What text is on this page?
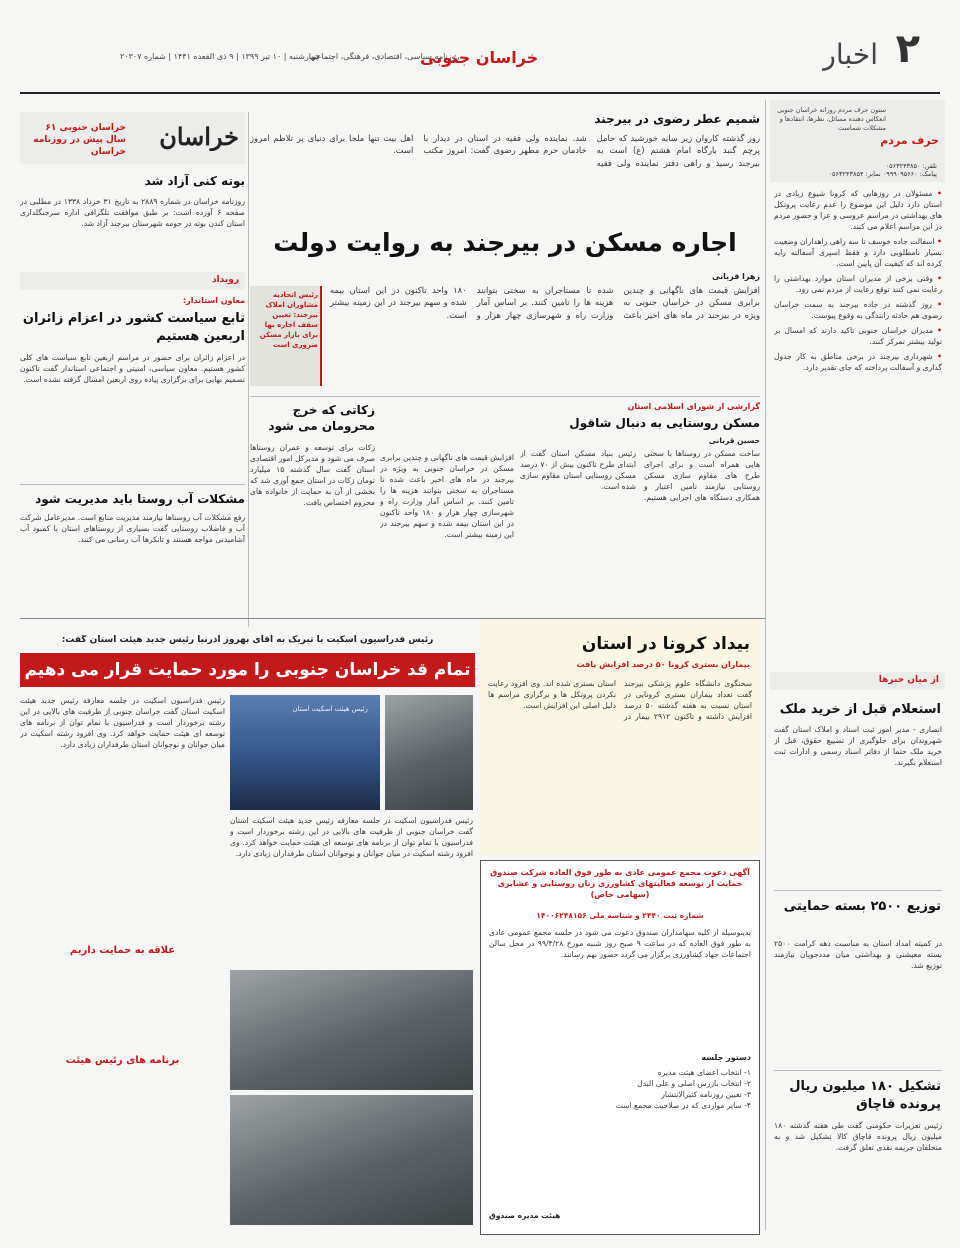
۲
اخبار
خراسان جنوبی
روزنامه سیاسی، اقتصادی، فرهنگی، اجتماعی
چهارشنبه | ۱۰ تیر ۱۳۹۹ | ۹ ذی القعده ۱۴۴۱ | شماره ۲۰۳۰۷
حرف مردم
ستون حرف مردم روزانه خراسان جنوبی انعکاس دهنده مسائل، نظرها، انتقادها و مشکلات شماست
تلفن: ۰۵۶۳۲۴۳۸۵۰
پیامک: ۰۹۹۹۰۹۵۶۶۰ نمابر: ۰۵۶۳۲۴۳۸۵۴

• مسئولان در روزهایی که کرونا شیوع زیادی در استان دارد دلیل این موضوع را عدم رعایت پروتکل های بهداشتی در مراسم عروسی و عزا و حضور مردم در این مراسم اعلام می کنند.

• اسفالت جاده خوسف تا سه راهی راهداران وضعیت بسیار نامطلوبی دارد و فقط اسپری آسفالته رایه کرده اند که کیفیت آن پایین است.

• وقتی برخی از مدیران استان موارد بهداشتی را رعایت نمی کنند توقع رعایت از مردم نمی رود.

• روز گذشته در جاده بیرجند به سمت خراسان رضوی هم حادثه رانندگی به وقوع پیوست.

• مدیران خراسان جنوبی تاکید دارند که امسال بر تولید بیشتر تمرکز کنند.

• شهرداری بیرجند در برخی مناطق به کار جدول گذاری و آسفالت پرداخته که جای تقدیر دارد.

از میان خبرها
استعلام قبل از خرید ملک
انصاری - مدیر امور ثبت اسناد و املاک استان گفت شهروندان برای جلوگیری از تضییع حقوق، قبل از خرید ملک حتما از دفاتر اسناد رسمی و ادارات ثبت استعلام بگیرند.
توزیع ۲۵۰۰ بسته حمایتی
در کمیته امداد استان به مناسبت دهه کرامت ۲۵۰۰ بسته معیشتی و بهداشتی میان مددجویان نیازمند توزیع شد.
تشکیل ۱۸۰ میلیون ریال پرونده قاچاق
رئیس تعزیرات حکومتی گفت طی هفته گذشته ۱۸۰ میلیون ریال پرونده قاچاق کالا تشکیل شد و به متخلفان جریمه نقدی تعلق گرفت.
شمیم عطر رضوی در بیرجند
روز گذشته کاروان زیر سایه خورشید که حامل پرچم گنبد بارگاه امام هشتم (ع) است به بیرجند رسید و راهی دفتر نماینده ولی فقیه شد. نماینده ولی فقیه در استان در دیدار با خادمان حرم مطهر رضوی گفت: امروز مکتب اهل بیت تنها ملجا برای دنیای پر تلاطم امروز است.
اجاره مسکن در بیرجند به روایت دولت
زهرا قربانی
افزایش قیمت های ناگهانی و چندین برابری مسکن در خراسان جنوبی به ویژه در بیرجند در ماه های اخیر باعث شده تا مستاجران به سختی بتوانند هزینه ها را تامین کنند. بر اساس آمار وزارت راه و شهرسازی چهار هزار و ۱۸۰ واحد تاکنون در این استان بیمه شده و سهم بیرجند در این زمینه بیشتر است.
رئیس اتحادیه مشاوران املاک بیرجند: تعیین سقف اجاره بها برای بازار مسکن ضروری است
گزارشی از شورای اسلامی استان
مسکن روستایی به دنبال شاقول
حسین قربانی
ساخت مسکن در روستاها با سختی هایی همراه است و برای اجرای طرح های مقاوم سازی مسکن روستایی نیازمند تامین اعتبار و همکاری دستگاه های اجرایی هستیم. رئیس بنیاد مسکن استان گفت از ابتدای طرح تاکنون بیش از ۷۰ درصد مسکن روستایی استان مقاوم سازی شده است.
افزایش قیمت های ناگهانی و چندین برابری مسکن در خراسان جنوبی به ویژه در بیرجند در ماه های اخیر باعث شده تا مستاجران به سختی بتوانند هزینه ها را تامین کنند. بر اساس آمار وزارت راه و شهرسازی چهار هزار و ۱۸۰ واحد تاکنون در این استان بیمه شده و سهم بیرجند در این زمینه بیشتر است.
زکاتی که خرج محرومان می شود
زکات برای توسعه و عمران روستاها صرف می شود و مدیرکل امور اقتصادی استان گفت سال گذشته ۱۵ میلیارد تومان زکات در استان جمع آوری شد که بخشی از آن به حمایت از خانواده های محروم اختصاص یافت.
خراسان جنوبی ۶۱ سال پیش در روزنامه خراسان
خراسان
بوته کنی آزاد شد
روزنامه خراسان در شماره ۲۸۸۹ به تاریخ ۳۱ خرداد ۱۳۳۸ در مطلبی در صفحه ۶ آورده است: بر طبق موافقت تلگرافی اداره سرجنگلداری استان کندن بوته در حومه شهرستان بیرجند آزاد شد.
رویداد
معاون استاندار:
تابع سیاست کشور در اعزام زائران اربعین هستیم
در اعزام زائران برای حضور در مراسم اربعین تابع سیاست های کلی کشور هستیم. معاون سیاسی، امنیتی و اجتماعی استاندار گفت تاکنون تصمیم نهایی برای برگزاری پیاده روی اربعین امسال گرفته نشده است.
مشکلات آب روستا باید مدیریت شود
رفع مشکلات آب روستاها نیازمند مدیریت منابع است. مدیرعامل شرکت آب و فاضلاب روستایی گفت بسیاری از روستاهای استان با کمبود آب آشامیدنی مواجه هستند و تانکرها آب رسانی می کنند.
بیداد کرونا در استان
بیماران بستری کرونا ۵۰ درصد افزایش یافت
سخنگوی دانشگاه علوم پزشکی بیرجند گفت تعداد بیماران بستری کرونایی در استان نسبت به هفته گذشته ۵۰ درصد افزایش داشته و تاکنون ۲۹۱۲ بیمار در استان بستری شده اند. وی افزود رعایت نکردن پروتکل ها و برگزاری مراسم ها دلیل اصلی این افزایش است.
رئیس فدراسیون اسکیت با تبریک به آقای بهروز آذرنیا رئیس جدید هیئت استان گفت:
تمام قد خراسان جنوبی را مورد حمایت قرار می دهیم
رئیس هیئت اسکیت استان
رئیس فدراسیون اسکیت در جلسه معارفه رئیس جدید هیئت اسکیت استان گفت خراسان جنوبی از ظرفیت های بالایی در این رشته برخوردار است و فدراسیون با تمام توان از برنامه های توسعه ای هیئت حمایت خواهد کرد. وی افزود رشته اسکیت در میان جوانان و نوجوانان استان طرفداران زیادی دارد.
رئیس فدراسیون اسکیت در جلسه معارفه رئیس جدید هیئت اسکیت استان گفت خراسان جنوبی از ظرفیت های بالایی در این رشته برخوردار است و فدراسیون با تمام توان از برنامه های توسعه ای هیئت حمایت خواهد کرد. وی افزود رشته اسکیت در میان جوانان و نوجوانان استان طرفداران زیادی دارد.
علاقه به حمایت داریم
برنامه های رئیس هیئت
آگهی دعوت مجمع عمومی عادی به طور فوق العاده شرکت صندوق حمایت از توسعه فعالیتهای کشاورزی زنان روستایی و عشایری (سهامی خاص)
شماره ثبت ۲۴۴۰ و شناسه ملی ۱۴۰۰۶۲۴۸۱۵۶
بدینوسیله از کلیه سهامداران صندوق دعوت می شود در جلسه مجمع عمومی عادی به طور فوق العاده که در ساعت ۹ صبح روز شنبه مورخ ۹۹/۴/۲۸ در محل سالن اجتماعات جهاد کشاورزی برگزار می گردد حضور بهم رسانند.
دستور جلسه
۱- انتخاب اعضای هیئت مدیره
۲- انتخاب بازرس اصلی و علی البدل
۳- تعیین روزنامه کثیرالانتشار
۴- سایر مواردی که در صلاحیت مجمع است
هیئت مدیره صندوق
